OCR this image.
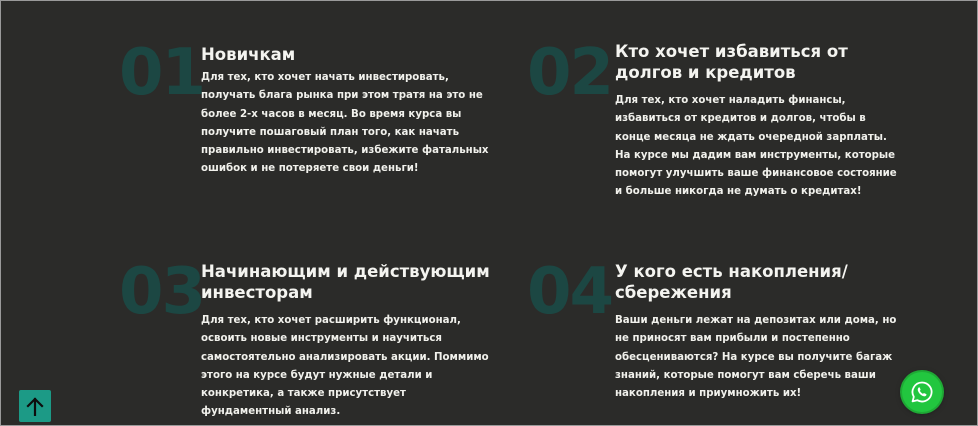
01
Новичкам
Для тех, кто хочет начать инвестировать, получать блага рынка при этом тратя на это не более 2-х часов в месяц. Во время курса вы получите пошаговый план того, как начать правильно инвестировать, избежите фатальных ошибок и не потеряете свои деньги!
02 Кто хочет избавиться от долгов и кредитов
Для тех, кто хочет наладить финансы, избавиться от кредитов и долгов, чтобы в конце месяца не ждать очередной зарплаты. На курсе мы дадим вам инструменты, которые помогут улучшить ваше финансовое состояние и больше никогда не думать о кредитах!
03
Начинающим и действующим инвесторам
Для тех, кто хочет расширить функционал, освоить новые инструменты и научиться самостоятельно анализировать акции. Поммимо этого на курсе будут нужные детали и конкретика, а также присутствует фундаментный анализ.
04 У кого есть накопления/ сбережения
Ваши деньги лежат на депозитах или дома, но не приносят вам прибыли и постепенно обесцениваются? На курсе вы получите багаж знаний, которые помогут вам сберечь ваши накопления и приумножить их!
